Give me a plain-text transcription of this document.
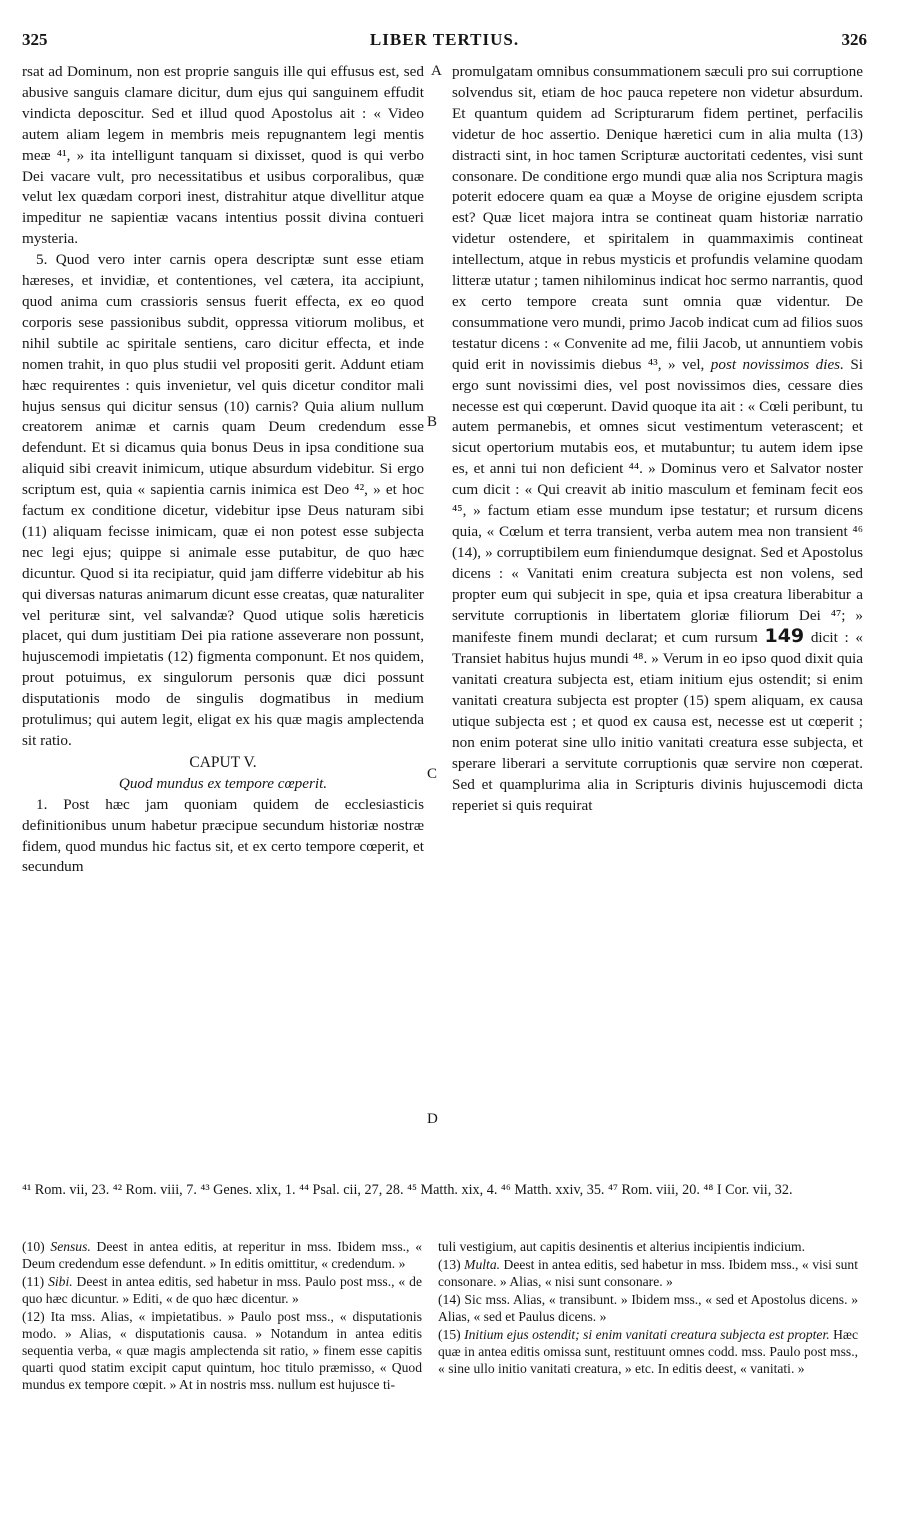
325	LIBER TERTIUS.	326

rsat ad Dominum, non est proprie sanguis ille qui effusus est, sed abusive sanguis clamare dicitur, dum ejus qui sanguinem effudit vindicta deposcitur. Sed et illud quod Apostolus ait : « Video autem aliam legem in membris meis repugnantem legi mentis meæ ⁴¹, » ita intelligunt tanquam si dixisset, quod is qui verbo Dei vacare vult, pro necessitatibus et usibus corporalibus, quæ velut lex quædam corpori inest, distrahitur atque divellitur atque impeditur ne sapientiæ vacans intentius possit divina contueri mysteria.

5. Quod vero inter carnis opera descriptæ sunt esse etiam hæreses, et invidiæ, et contentiones, vel cætera, ita accipiunt, quod anima cum crassioris sensus fuerit effecta, ex eo quod corporis sese passionibus subdit, oppressa vitiorum molibus, et nihil subtile ac spiritale sentiens, caro dicitur effecta, et inde nomen trahit, in quo plus studii vel propositi gerit. Addunt etiam hæc requirentes : quis invenietur, vel quis dicetur conditor mali hujus sensus qui dicitur sensus (10) carnis? Quia alium nullum creatorem animæ et carnis quam Deum credendum esse defendunt. Et si dicamus quia bonus Deus in ipsa conditione sua aliquid sibi creavit inimicum, utique absurdum videbitur. Si ergo scriptum est, quia « sapientia carnis inimica est Deo ⁴², » et hoc factum ex conditione dicetur, videbitur ipse Deus naturam sibi (11) aliquam fecisse inimicam, quæ ei non potest esse subjecta nec legi ejus; quippe si animale esse putabitur, de quo hæc dicuntur. Quod si ita recipiatur, quid jam differre videbitur ab his qui diversas naturas animarum dicunt esse creatas, quæ naturaliter vel perituræ sint, vel salvandæ? Quod utique solis hæreticis placet, qui dum justitiam Dei pia ratione asseverare non possunt, hujuscemodi impietatis (12) figmenta componunt. Et nos quidem, prout potuimus, ex singulorum personis quæ dici possunt disputationis modo de singulis dogmatibus in medium protulimus; qui autem legit, eligat ex his quæ magis amplectenda sit ratio.

CAPUT V.

Quod mundus ex tempore cœperit.

1. Post hæc jam quoniam quidem de ecclesiasticis definitionibus unum habetur præcipue secundum historiæ nostræ fidem, quod mundus hic factus sit, et ex certo tempore cœperit, et secundum

promulgatam omnibus consummationem sæculi pro sui corruptione solvendus sit, etiam de hoc pauca repetere non videtur absurdum. Et quantum quidem ad Scripturarum fidem pertinet, perfacilis videtur de hoc assertio. Denique hæretici cum in alia multa (13) distracti sint, in hoc tamen Scripturæ auctoritati cedentes, visi sunt consonare. De conditione ergo mundi quæ alia nos Scriptura magis poterit edocere quam ea quæ a Moyse de origine ejusdem scripta est? Quæ licet majora intra se contineat quam historiæ narratio videtur ostendere, et spiritalem in quammaximis contineat intellectum, atque in rebus mysticis et profundis velamine quodam litteræ utatur ; tamen nihilominus indicat hoc sermo narrantis, quod ex certo tempore creata sunt omnia quæ videntur. De consummatione vero mundi, primo Jacob indicat cum ad filios suos testatur dicens : « Convenite ad me, filii Jacob, ut annuntiem vobis quid erit in novissimis diebus ⁴³, » vel, post novissimos dies. Si ergo sunt novissimi dies, vel post novissimos dies, cessare dies necesse est qui cœperunt. David quoque ita ait : « Cœli peribunt, tu autem permanebis, et omnes sicut vestimentum veterascent; et sicut opertorium mutabis eos, et mutabuntur; tu autem idem ipse es, et anni tui non deficient ⁴⁴. » Dominus vero et Salvator noster cum dicit : « Qui creavit ab initio masculum et feminam fecit eos ⁴⁵, » factum etiam esse mundum ipse testatur; et rursum dicens quia, « Cœlum et terra transient, verba autem mea non transient ⁴⁶ (14), » corruptibilem eum finiendumque designat. Sed et Apostolus dicens : « Vanitati enim creatura subjecta est non volens, sed propter eum qui subjecit in spe, quia et ipsa creatura liberabitur a servitute corruptionis in libertatem gloriæ filiorum Dei ⁴⁷; » manifeste finem mundi declarat; et cum rursum 149 dicit : « Transiet habitus hujus mundi ⁴⁸. » Verum in eo ipso quod dixit quia vanitati creatura subjecta est, etiam initium ejus ostendit; si enim vanitati creatura subjecta est propter (15) spem aliquam, ex causa utique subjecta est ; et quod ex causa est, necesse est ut cœperit ; non enim poterat sine ullo initio vanitati creatura esse subjecta, et sperare liberari a servitute corruptionis quæ servire non cœperat. Sed et quamplurima alia in Scripturis divinis hujuscemodi dicta reperiet si quis requirat

A
B
C
D
⁴¹ Rom. vii, 23. ⁴² Rom. viii, 7. ⁴³ Genes. xlix, 1. ⁴⁴ Psal. cii, 27, 28. ⁴⁵ Matth. xix, 4. ⁴⁶ Matth. xxiv, 35. ⁴⁷ Rom. viii, 20. ⁴⁸ I Cor. vii, 32.

(10) Sensus. Deest in antea editis, at reperitur in mss. Ibidem mss., « Deum credendum esse defendunt. » In editis omittitur, « credendum. »

(11) Sibi. Deest in antea editis, sed habetur in mss. Paulo post mss., « de quo hæc dicuntur. » Editi, « de quo hæc dicentur. »

(12) Ita mss. Alias, « impietatibus. » Paulo post mss., « disputationis modo. » Alias, « disputationis causa. » Notandum in antea editis sequentia verba, « quæ magis amplectenda sit ratio, » finem esse capitis quarti quod statim excipit caput quintum, hoc titulo præmisso, « Quod mundus ex tempore cœpit. » At in nostris mss. nullum est hujusce ti-

tuli vestigium, aut capitis desinentis et alterius incipientis indicium.

(13) Multa. Deest in antea editis, sed habetur in mss. Ibidem mss., « visi sunt consonare. » Alias, « nisi sunt consonare. »

(14) Sic mss. Alias, « transibunt. » Ibidem mss., « sed et Apostolus dicens. » Alias, « sed et Paulus dicens. »

(15) Initium ejus ostendit; si enim vanitati creatura subjecta est propter. Hæc quæ in antea editis omissa sunt, restituunt omnes codd. mss. Paulo post mss., « sine ullo initio vanitati creatura, » etc. In editis deest, « vanitati. »
